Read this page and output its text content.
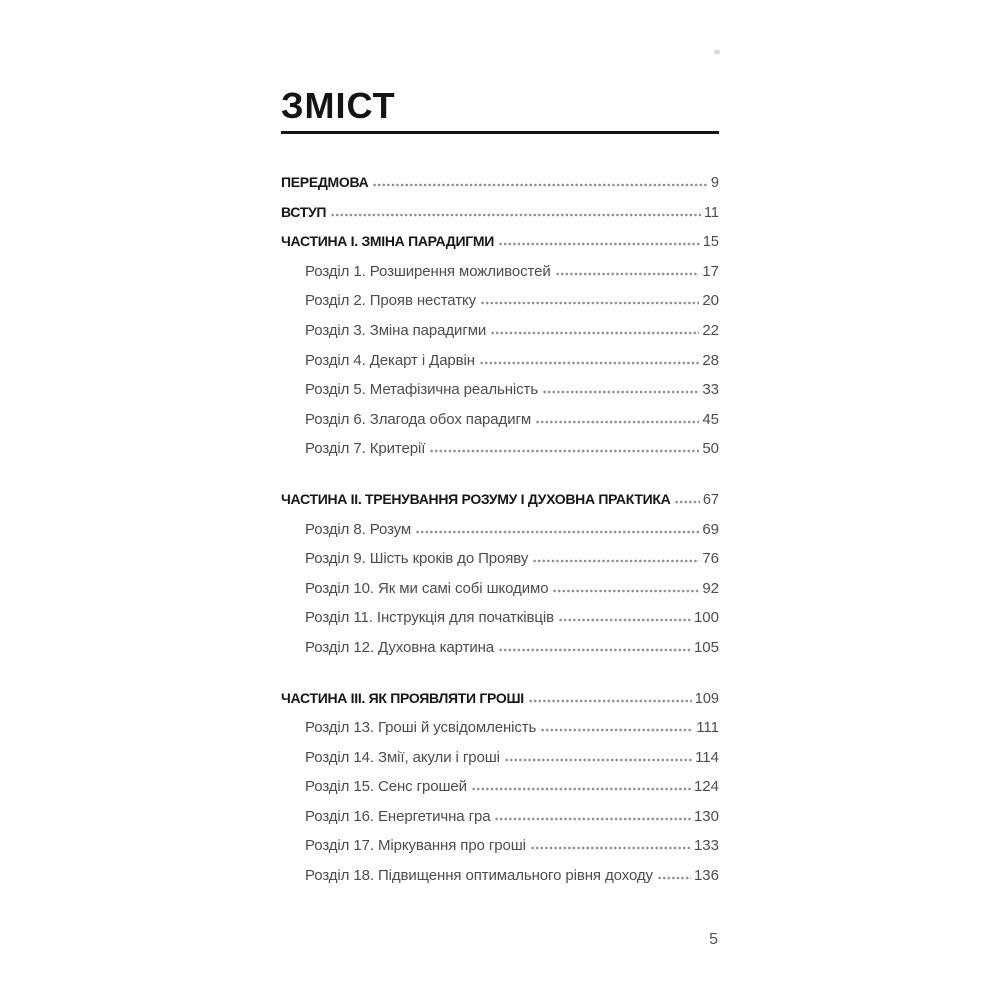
ЗМІСТ
ПЕРЕДМОВА	9
ВСТУП	11
ЧАСТИНА І. ЗМІНА ПАРАДИГМИ	15
Розділ 1. Розширення можливостей	17
Розділ 2. Прояв нестатку	20
Розділ 3. Зміна парадигми	22
Розділ 4. Декарт і Дарвін	28
Розділ 5. Метафізична реальність	33
Розділ 6. Злагода обох парадигм	45
Розділ 7. Критерії	50
ЧАСТИНА ІІ. ТРЕНУВАННЯ РОЗУМУ І ДУХОВНА ПРАКТИКА 67
Розділ 8. Розум	69
Розділ 9. Шість кроків до Прояву	76
Розділ 10. Як ми самі собі шкодимо	92
Розділ 11. Інструкція для початківців	100
Розділ 12. Духовна картина	105
ЧАСТИНА ІІІ. ЯК ПРОЯВЛЯТИ ГРОШІ	109
Розділ 13. Гроші й усвідомленість	111
Розділ 14. Змії, акули і гроші	114
Розділ 15. Сенс грошей	124
Розділ 16. Енергетична гра	130
Розділ 17. Міркування про гроші	133
Розділ 18. Підвищення оптимального рівня доходу	136
5
